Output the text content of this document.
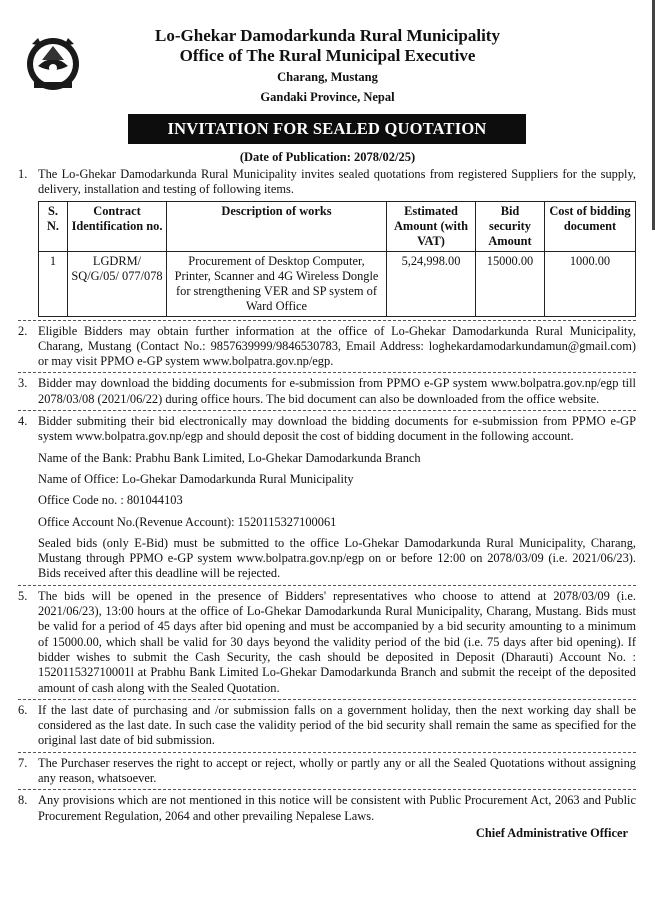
Lo-Ghekar Damodarkunda Rural Municipality
Office of The Rural Municipal Executive
Charang, Mustang
Gandaki Province, Nepal
INVITATION FOR SEALED QUOTATION
(Date of Publication: 2078/02/25)
1. The Lo-Ghekar Damodarkunda Rural Municipality invites sealed quotations from registered Suppliers for the supply, delivery, installation and testing of following items.
S. N.	Contract Identification no.	Description of works	Estimated Amount (with VAT)	Bid security Amount	Cost of bidding document
1	LGDRM/ SQ/G/05/ 077/078	Procurement of Desktop Computer, Printer, Scanner and 4G Wireless Dongle for strengthening VER and SP system of Ward Office	5,24,998.00	15000.00	1000.00
2. Eligible Bidders may obtain further information at the office of Lo-Ghekar Damodarkunda Rural Municipality, Charang, Mustang (Contact No.: 9857639999/9846530783, Email Address: loghekardamodarkundamun@gmail.com) or may visit PPMO e-GP system www.bolpatra.gov.np/egp.
3. Bidder may download the bidding documents for e-submission from PPMO e-GP system www.bolpatra.gov.np/egp till 2078/03/08 (2021/06/22) during office hours. The bid document can also be downloaded from the office website.
4. Bidder submiting their bid electronically may download the bidding documents for e-submission from PPMO e-GP system www.bolpatra.gov.np/egp and should deposit the cost of bidding document in the following account.
Name of the Bank: Prabhu Bank Limited, Lo-Ghekar Damodarkunda Branch
Name of Office: Lo-Ghekar Damodarkunda Rural Municipality
Office Code no. : 801044103
Office Account No.(Revenue Account): 1520115327100061
Sealed bids (only E-Bid) must be submitted to the office Lo-Ghekar Damodarkunda Rural Municipality, Charang, Mustang through PPMO e-GP system www.bolpatra.gov.np/egp on or before 12:00 on 2078/03/09 (i.e. 2021/06/23). Bids received after this deadline will be rejected.
5. The bids will be opened in the presence of Bidders' representatives who choose to attend at 2078/03/09 (i.e. 2021/06/23), 13:00 hours at the office of Lo-Ghekar Damodarkunda Rural Municipality, Charang, Mustang. Bids must be valid for a period of 45 days after bid opening and must be accompanied by a bid security amounting to a minimum of 15000.00, which shall be valid for 30 days beyond the validity period of the bid (i.e. 75 days after bid opening). If bidder wishes to submit the Cash Security, the cash should be deposited in Deposit (Dharauti) Account No. : 152011532710001l at Prabhu Bank Limited Lo-Ghekar Damodarkunda Branch and submit the receipt of the deposited amount of cash along with the Sealed Quotation.
6. If the last date of purchasing and /or submission falls on a government holiday, then the next working day shall be considered as the last date. In such case the validity period of the bid security shall remain the same as specified for the original last date of bid submission.
7. The Purchaser reserves the right to accept or reject, wholly or partly any or all the Sealed Quotations without assigning any reason, whatsoever.
8. Any provisions which are not mentioned in this notice will be consistent with Public Procurement Act, 2063 and Public Procurement Regulation, 2064 and other prevailing Nepalese Laws.
Chief Administrative Officer
